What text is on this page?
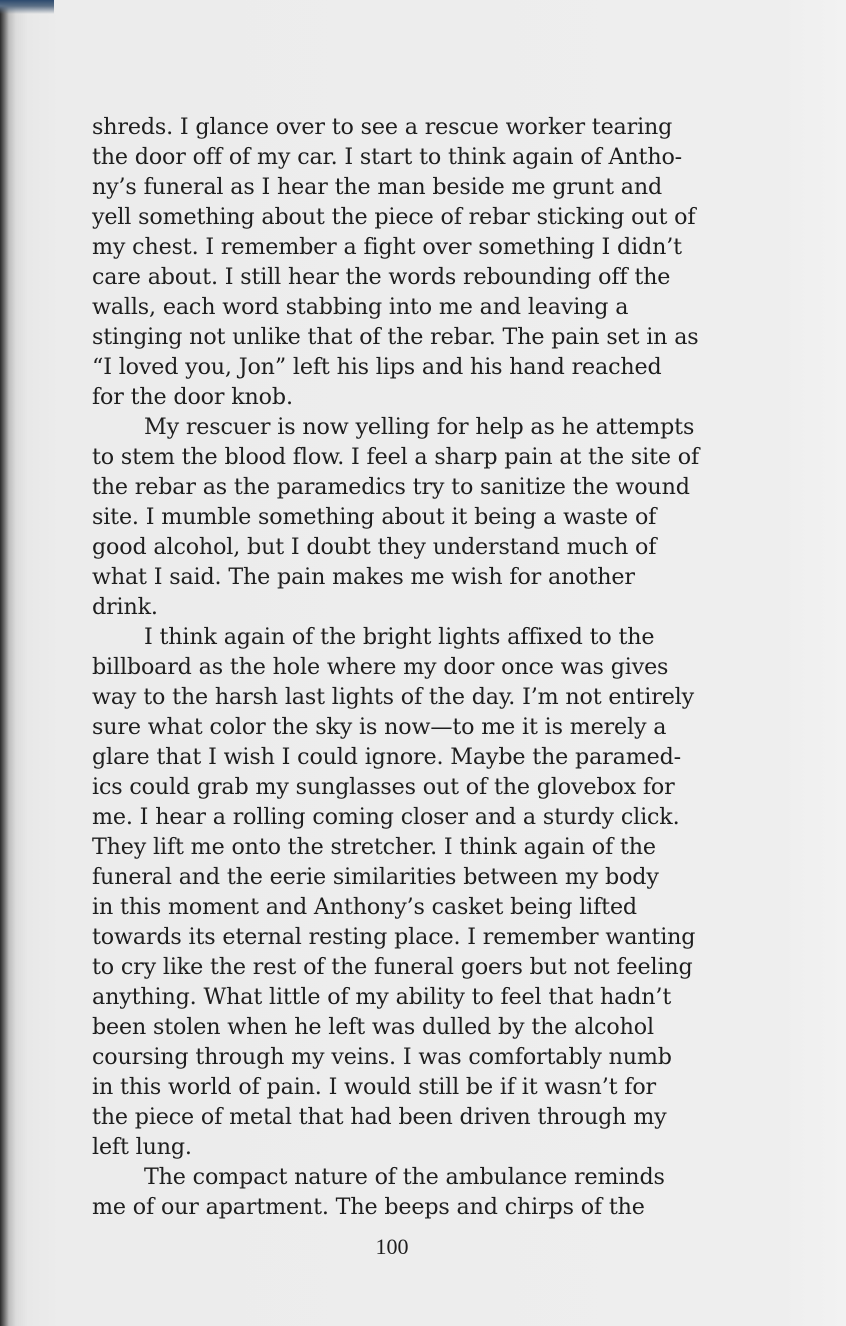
shreds. I glance over to see a rescue worker tearing

the door off of my car. I start to think again of Antho-

ny’s funeral as I hear the man beside me grunt and

yell something about the piece of rebar sticking out of

my chest. I remember a fight over something I didn’t

care about. I still hear the words rebounding off the

walls, each word stabbing into me and leaving a

stinging not unlike that of the rebar. The pain set in as

“I loved you, Jon” left his lips and his hand reached

for the door knob.

My rescuer is now yelling for help as he attempts

to stem the blood flow. I feel a sharp pain at the site of

the rebar as the paramedics try to sanitize the wound

site. I mumble something about it being a waste of

good alcohol, but I doubt they understand much of

what I said. The pain makes me wish for another

drink.

I think again of the bright lights affixed to the

billboard as the hole where my door once was gives

way to the harsh last lights of the day. I’m not entirely

sure what color the sky is now—to me it is merely a

glare that I wish I could ignore. Maybe the paramed-

ics could grab my sunglasses out of the glovebox for

me. I hear a rolling coming closer and a sturdy click.

They lift me onto the stretcher. I think again of the

funeral and the eerie similarities between my body

in this moment and Anthony’s casket being lifted

towards its eternal resting place. I remember wanting

to cry like the rest of the funeral goers but not feeling

anything. What little of my ability to feel that hadn’t

been stolen when he left was dulled by the alcohol

coursing through my veins. I was comfortably numb

in this world of pain. I would still be if it wasn’t for

the piece of metal that had been driven through my

left lung.

The compact nature of the ambulance reminds

me of our apartment. The beeps and chirps of the

100
